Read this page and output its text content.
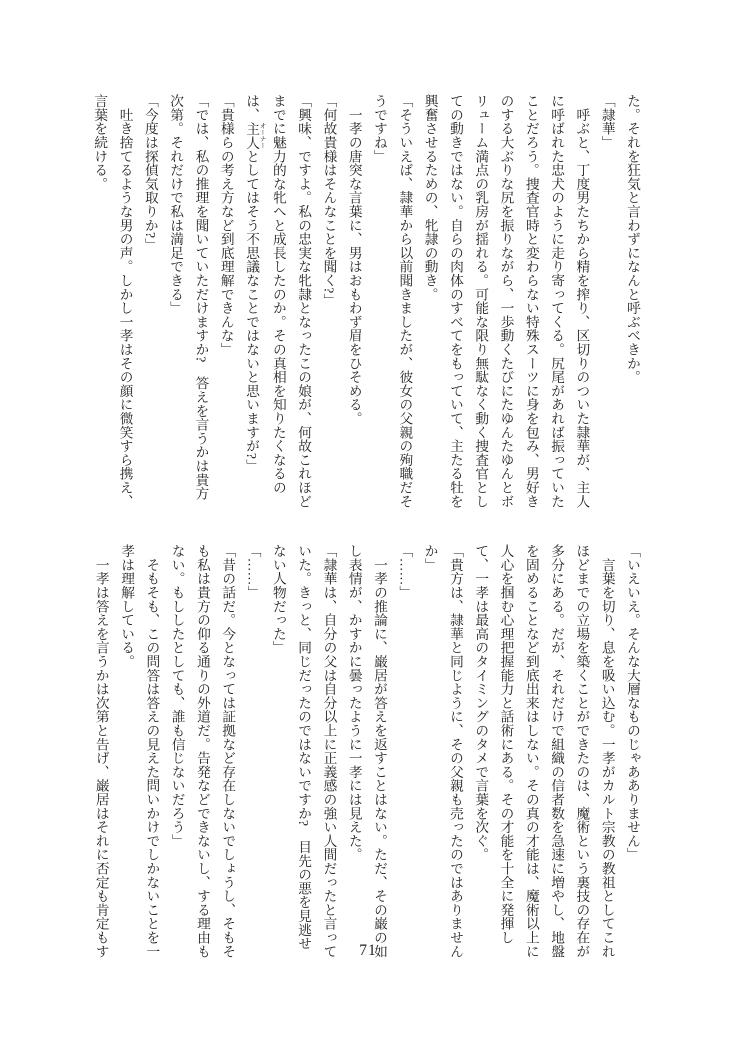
た。それを狂気と言わずになんと呼ぶべきか。

「隷華」

　呼ぶと、丁度男たちから精を搾り、区切りのついた隷華が、主人

に呼ばれた忠犬のように走り寄ってくる。尻尾があれば振っていた

ことだろう。捜査官時と変わらない特殊スーツに身を包み、男好き

のする大ぶりな尻を振りながら、一歩動くたびにたゆんたゆんとボ

リューム満点の乳房が揺れる。可能な限り無駄なく動く捜査官とし

ての動きではない。自らの肉体のすべてをもっていて、主たる牡を

興奮させるための、牝隷の動き。

「そういえば、隷華から以前聞きましたが、彼女の父親の殉職だそ

うですね」

　一孝の唐突な言葉に、男はおもわず眉をひそめる。

「何故貴様はそんなことを聞く?」

「興味、ですよ。私の忠実な牝隷となったこの娘が、何故これほど

までに魅力的な牝へと成長したのか。その真相を知りたくなるの

は、主人 オーナーとしてはそう不思議なことではないと思いますが?」

「貴様らの考え方など到底理解できんな」

「では、私の推理を聞いていただけますか?　答えを言うかは貴方

次第。それだけで私は満足できる」

「今度は探偵気取りか?」

　吐き捨てるような男の声。しかし一孝はその顔に微笑すら携え、

言葉を続ける。

「いえいえ。そんな大層なものじゃあありません」

　言葉を切り、息を吸い込む。一孝がカルト宗教の教祖としてこれ

ほどまでの立場を築くことができたのは、魔術という裏技の存在が

多分にある。だが、それだけで組織の信者数を急速に増やし、地盤

を固めることなど到底出来はしない。その真の才能は、魔術以上に

人心を掴む心理把握能力と話術にある。その才能を十全に発揮し

て、一孝は最高のタイミングのタメで言葉を次ぐ。

「貴方は、隷華と同じように、その父親も売ったのではありません

か」

「……」

　一孝の推論に、巌居が答えを返すことはない。ただ、その巌の如

し表情が、かすかに曇ったように一孝には見えた。

「隷華は、自分の父は自分以上に正義感の強い人間だったと言って

いた。きっと、同じだったのではないですか?　目先の悪を見逃せ

ない人物だった」

「……」

「昔の話だ。今となっては証拠など存在しないでしょうし、そもそ

も私は貴方の仰る通りの外道だ。告発などできないし、する理由も

ない。もししたとしても、誰も信じないだろう」

　そもそも、この問答は答えの見えた問いかけでしかないことを一

孝は理解している。

　一孝は答えを言うかは次第と告げ、巌居はそれに否定も肯定もす	71
